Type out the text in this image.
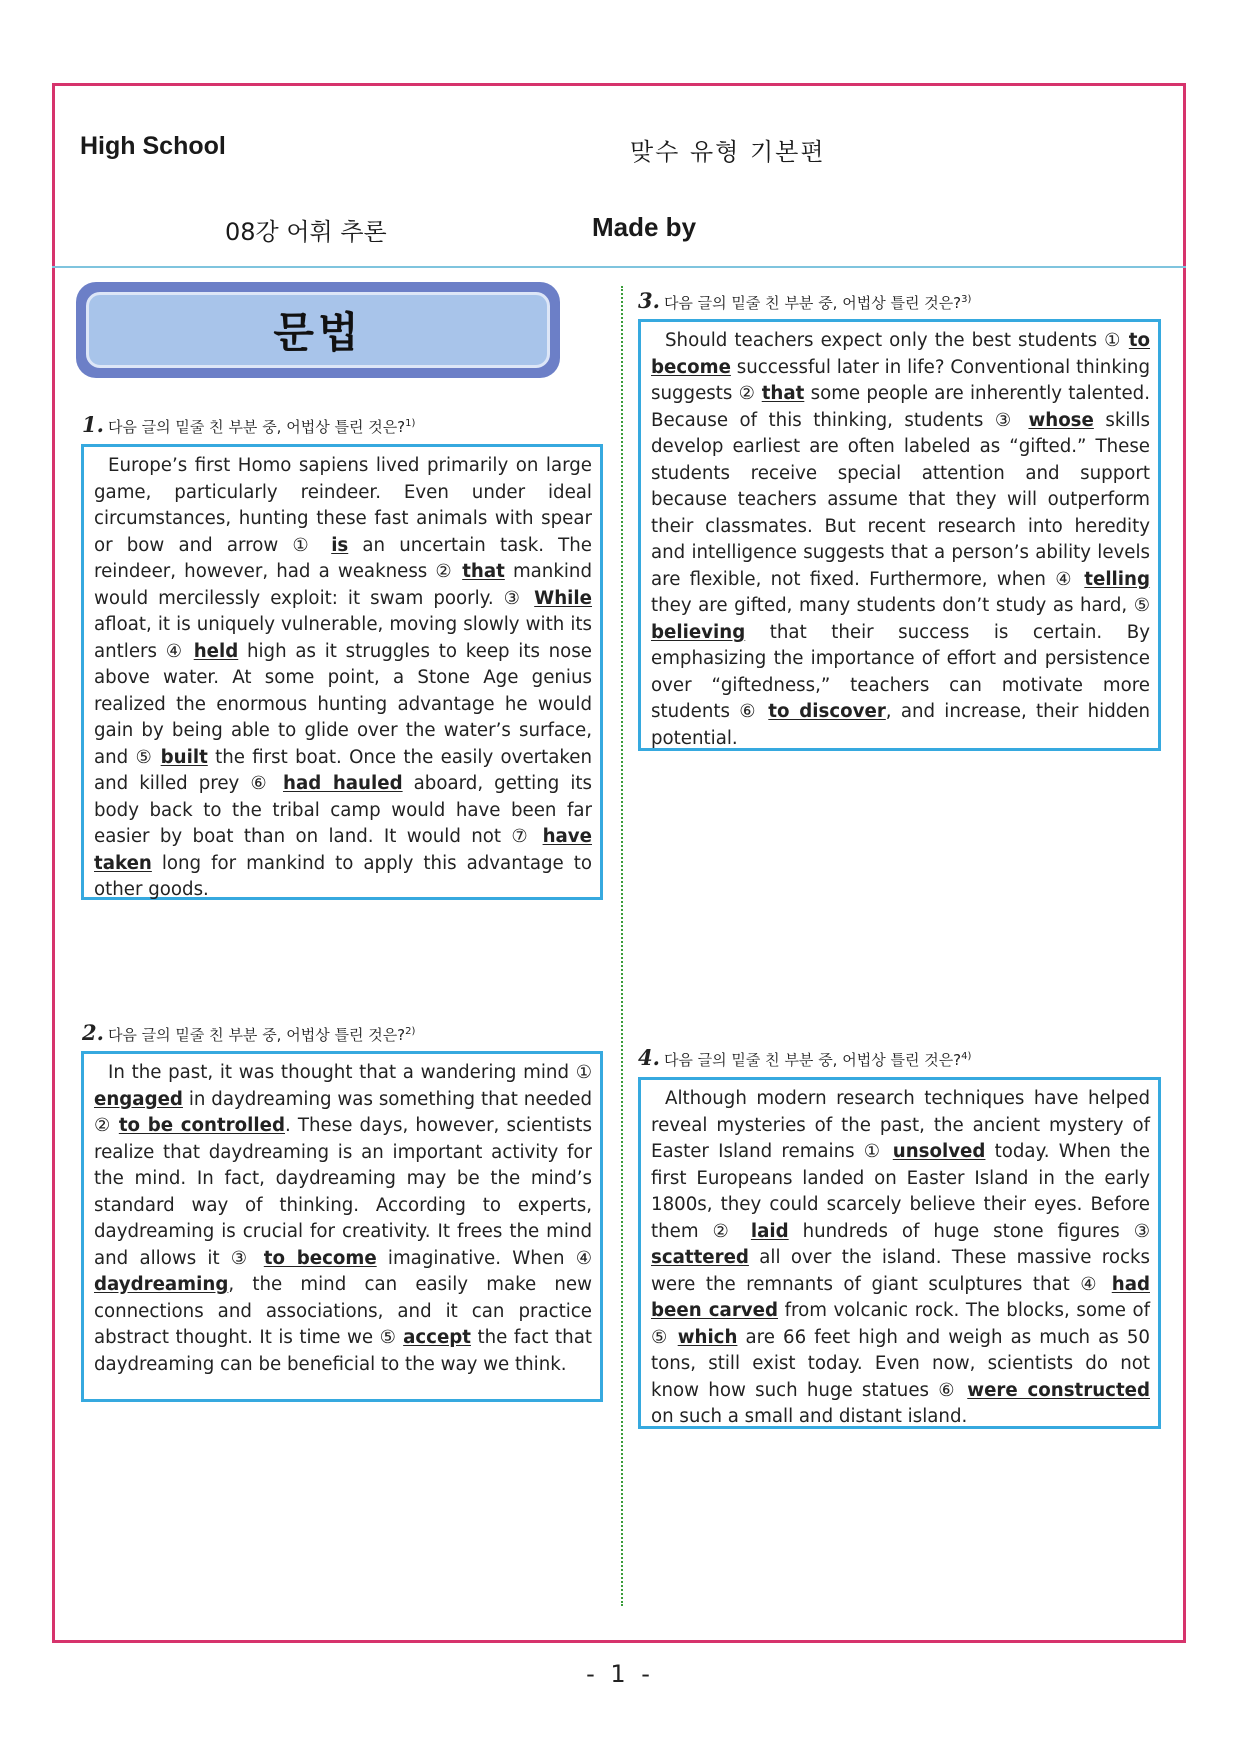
High School	맞수 유형 기본편
08강 어휘 추론	Made by
문법
1. 다음 글의 밑줄 친 부분 중, 어법상 틀린 것은?$^{1)}$
Europe’s first Homo sapiens lived primarily on large game, particularly reindeer. Even under ideal circumstances, hunting these fast animals with spear or bow and arrow ① is an uncertain task. The reindeer, however, had a weakness ② that mankind would mercilessly exploit: it swam poorly. ③ While afloat, it is uniquely vulnerable, moving slowly with its antlers ④ held high as it struggles to keep its nose above water. At some point, a Stone Age genius realized the enormous hunting advantage he would gain by being able to glide over the water’s surface, and ⑤ built the first boat. Once the easily overtaken and killed prey ⑥ had hauled aboard, getting its body back to the tribal camp would have been far easier by boat than on land. It would not ⑦ have taken long for mankind to apply this advantage to other goods.
2. 다음 글의 밑줄 친 부분 중, 어법상 틀린 것은?$^{2)}$
In the past, it was thought that a wandering mind ① engaged in daydreaming was something that needed ② to be controlled. These days, however, scientists realize that daydreaming is an important activity for the mind. In fact, daydreaming may be the mind’s standard way of thinking. According to experts, daydreaming is crucial for creativity. It frees the mind and allows it ③ to become imaginative. When ④ daydreaming, the mind can easily make new connections and associations, and it can practice abstract thought. It is time we ⑤ accept the fact that daydreaming can be beneficial to the way we think.
3. 다음 글의 밑줄 친 부분 중, 어법상 틀린 것은?$^{3)}$
Should teachers expect only the best students ① to become successful later in life? Conventional thinking suggests ② that some people are inherently talented. Because of this thinking, students ③ whose skills develop earliest are often labeled as “gifted.” These students receive special attention and support because teachers assume that they will outperform their classmates. But recent research into heredity and intelligence suggests that a person’s ability levels are flexible, not fixed. Furthermore, when ④ telling they are gifted, many students don’t study as hard, ⑤ believing that their success is certain. By emphasizing the importance of effort and persistence over “giftedness,” teachers can motivate more students ⑥ to discover, and increase, their hidden potential.
4. 다음 글의 밑줄 친 부분 중, 어법상 틀린 것은?$^{4)}$
Although modern research techniques have helped reveal mysteries of the past, the ancient mystery of Easter Island remains ① unsolved today. When the first Europeans landed on Easter Island in the early 1800s, they could scarcely believe their eyes. Before them ② laid hundreds of huge stone figures ③ scattered all over the island. These massive rocks were the remnants of giant sculptures that ④ had been carved from volcanic rock. The blocks, some of ⑤ which are 66 feet high and weigh as much as 50 tons, still exist today. Even now, scientists do not know how such huge statues ⑥ were constructed on such a small and distant island.
- 1 -
